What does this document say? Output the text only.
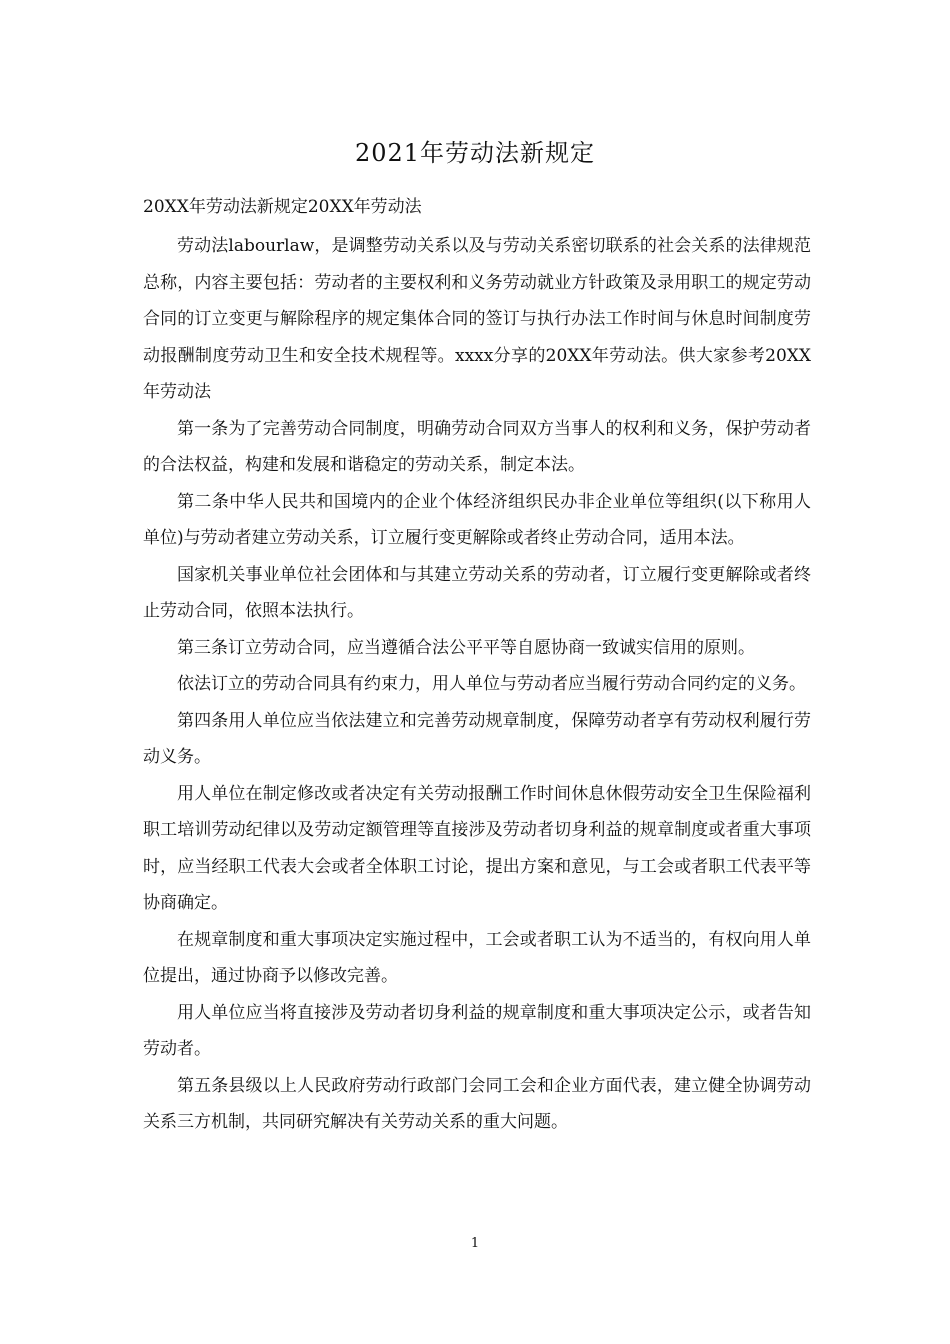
2021年劳动法新规定
20XX年劳动法新规定20XX年劳动法

劳动法labourlaw，是调整劳动关系以及与劳动关系密切联系的社会关系的法律规范总称，内容主要包括：劳动者的主要权利和义务劳动就业方针政策及录用职工的规定劳动合同的订立变更与解除程序的规定集体合同的签订与执行办法工作时间与休息时间制度劳动报酬制度劳动卫生和安全技术规程等。xxxx分享的20XX年劳动法。供大家参考20XX年劳动法

第一条为了完善劳动合同制度，明确劳动合同双方当事人的权利和义务，保护劳动者的合法权益，构建和发展和谐稳定的劳动关系，制定本法。

第二条中华人民共和国境内的企业个体经济组织民办非企业单位等组织(以下称用人单位)与劳动者建立劳动关系，订立履行变更解除或者终止劳动合同，适用本法。

国家机关事业单位社会团体和与其建立劳动关系的劳动者，订立履行变更解除或者终止劳动合同，依照本法执行。

第三条订立劳动合同，应当遵循合法公平平等自愿协商一致诚实信用的原则。

依法订立的劳动合同具有约束力，用人单位与劳动者应当履行劳动合同约定的义务。

第四条用人单位应当依法建立和完善劳动规章制度，保障劳动者享有劳动权利履行劳动义务。

用人单位在制定修改或者决定有关劳动报酬工作时间休息休假劳动安全卫生保险福利职工培训劳动纪律以及劳动定额管理等直接涉及劳动者切身利益的规章制度或者重大事项时，应当经职工代表大会或者全体职工讨论，提出方案和意见，与工会或者职工代表平等协商确定。

在规章制度和重大事项决定实施过程中，工会或者职工认为不适当的，有权向用人单位提出，通过协商予以修改完善。

用人单位应当将直接涉及劳动者切身利益的规章制度和重大事项决定公示，或者告知劳动者。

第五条县级以上人民政府劳动行政部门会同工会和企业方面代表，建立健全协调劳动关系三方机制，共同研究解决有关劳动关系的重大问题。

1
